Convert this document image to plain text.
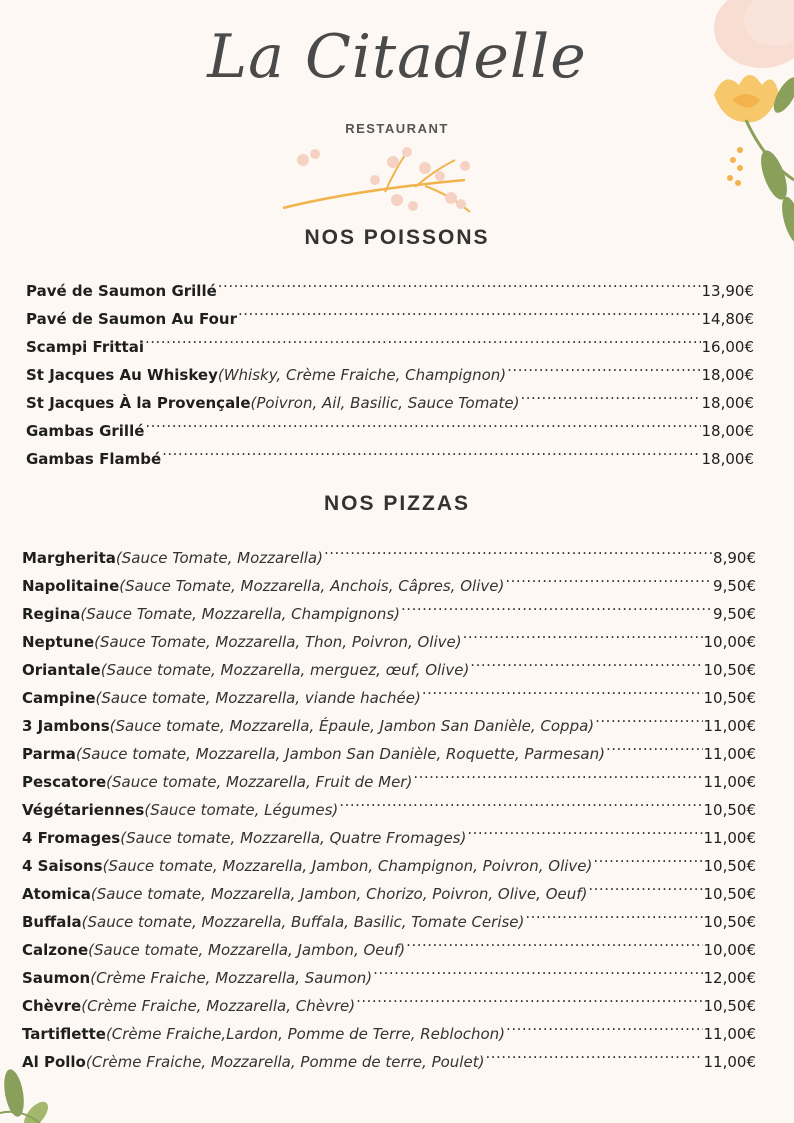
La Citadelle
RESTAURANT
NOS POISSONS
Pavé de Saumon Grillé .....	13,90€
Pavé de Saumon Au Four .....	14,80€
Scampi Frittai .....	16,00€
St Jacques Au Whiskey (Whisky, Crème Fraiche, Champignon) .....	18,00€
St Jacques À la Provençale (Poivron, Ail, Basilic, Sauce Tomate) .....	18,00€
Gambas Grillé .....	18,00€
Gambas Flambé .....	18,00€
NOS PIZZAS
Margherita (Sauce Tomate, Mozzarella) .....	8,90€
Napolitaine (Sauce Tomate, Mozzarella, Anchois, Câpres, Olive) .....	9,50€
Regina (Sauce Tomate, Mozzarella, Champignons) .....	9,50€
Neptune (Sauce Tomate, Mozzarella, Thon, Poivron, Olive) .....	10,00€
Oriantale (Sauce tomate, Mozzarella, merguez, œuf, Olive) .....	10,50€
Campine (Sauce tomate, Mozzarella, viande hachée) .....	10,50€
3 Jambons (Sauce tomate, Mozzarella, Épaule, Jambon San Danièle, Coppa) .....	11,00€
Parma (Sauce tomate, Mozzarella, Jambon San Danièle, Roquette, Parmesan) .....	11,00€
Pescatore (Sauce tomate, Mozzarella, Fruit de Mer) .....	11,00€
Végétariennes (Sauce tomate, Légumes) .....	10,50€
4 Fromages (Sauce tomate, Mozzarella, Quatre Fromages) .....	11,00€
4 Saisons (Sauce tomate, Mozzarella, Jambon, Champignon, Poivron, Olive) .....	10,50€
Atomica (Sauce tomate, Mozzarella, Jambon, Chorizo, Poivron, Olive, Oeuf) .....	10,50€
Buffala (Sauce tomate, Mozzarella, Buffala, Basilic, Tomate Cerise) .....	10,50€
Calzone (Sauce tomate, Mozzarella, Jambon, Oeuf) .....	10,00€
Saumon (Crème Fraiche, Mozzarella, Saumon) .....	12,00€
Chèvre (Crème Fraiche, Mozzarella, Chèvre) .....	10,50€
Tartiflette (Crème Fraiche,Lardon, Pomme de Terre, Reblochon) .....	11,00€
Al Pollo (Crème Fraiche, Mozzarella, Pomme de terre, Poulet) .....	11,00€
